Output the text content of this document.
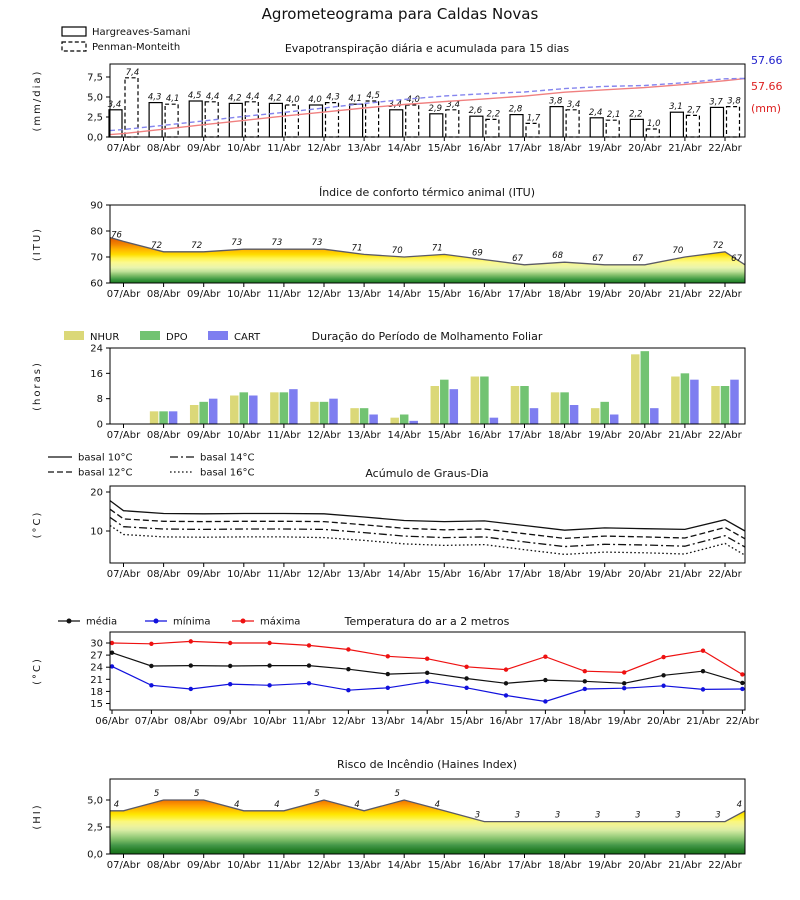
Agrometeograma para Caldas Novas
3,4
4,3	4,5	4,2	4,2	4,0	4,1
3,4	2,9	2,6	2,8
3,8
2,4	2,2
3,1	3,7
7,4
4,1	4,4	4,4	4,0	4,3	4,5	4,0	3,4
2,2	1,7
3,4
2,1
1,0
2,7
3,8
57.66
57.66
(mm)
Hargreaves-Samani
Penman-Monteith
0,0
2,5
5,0
7,5
(mm/dia)
07/Abr 08/Abr 09/Abr 10/Abr 11/Abr 12/Abr 13/Abr 14/Abr 15/Abr 16/Abr 17/Abr 18/Abr 19/Abr 20/Abr 21/Abr 22/Abr
Evapotranspiração diária e acumulada para 15 dias
76
72	72	73	73	73
71	70	71
69
67	68	67	67
70
72
67
60
70
80
90
(ITU)
07/Abr 08/Abr 09/Abr 10/Abr 11/Abr 12/Abr 13/Abr 14/Abr 15/Abr 16/Abr 17/Abr 18/Abr 19/Abr 20/Abr 21/Abr 22/Abr
Índice de conforto térmico animal (ITU)
NHUR	DPO	CART
0
8
16
24
(horas)
07/Abr 08/Abr 09/Abr 10/Abr 11/Abr 12/Abr 13/Abr 14/Abr 15/Abr 16/Abr 17/Abr 18/Abr 19/Abr 20/Abr 21/Abr 22/Abr
Duração do Período de Molhamento Foliar
basal 10°C
basal 12°C
basal 14°C
basal 16°C
10
20
(°C)
07/Abr 08/Abr 09/Abr 10/Abr 11/Abr 12/Abr 13/Abr 14/Abr 15/Abr 16/Abr 17/Abr 18/Abr 19/Abr 20/Abr 21/Abr 22/Abr
Acúmulo de Graus-Dia
média	mínima	máxima
15
18
21
24
27
30
(°C)
06/Abr 07/Abr 08/Abr 09/Abr 10/Abr 11/Abr 12/Abr 13/Abr 14/Abr 15/Abr 16/Abr 17/Abr 18/Abr 19/Abr 20/Abr 21/Abr 22/Abr
Temperatura do ar a 2 metros
4
5	5
4	4
5
4
5
4
3	3	3	3	3	3	3
4
0,0
2,5
5,0
(HI)
07/Abr 08/Abr 09/Abr 10/Abr 11/Abr 12/Abr 13/Abr 14/Abr 15/Abr 16/Abr 17/Abr 18/Abr 19/Abr 20/Abr 21/Abr 22/Abr
Risco de Incêndio (Haines Index)
